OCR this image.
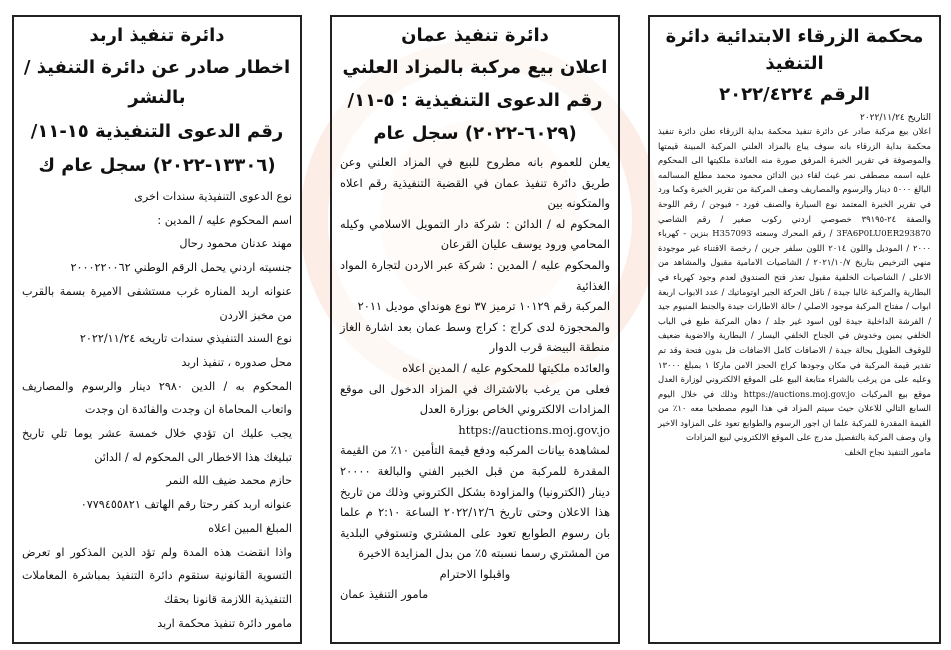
دائرة تنفيذ اربد

اخطار صادر عن دائرة التنفيذ / بالنشر

رقم الدعوى التنفيذية ١٥-١١/

(١٣٣٠٦-٢٠٢٢) سجل عام ك

نوع الدعوى التنفيذية سندات اخرى

اسم المحكوم عليه / المدين :

مهند عدنان محمود رحال

جنسيته اردني يحمل الرقم الوطني ٢٠٠٠٢٢٠٠٦٢

عنوانه اربد المناره غرب مستشفى الاميرة بسمة بالقرب من مخبز الاردن

نوع السند التنفيذي سندات تاريخه ٢٠٢٢/١١/٢٤

محل صدوره ، تنفيذ اربد

المحكوم به / الدين ٢٩٨٠ دينار والرسوم والمصاريف واتعاب المحاماة ان وجدت والفائدة ان وجدت

يجب عليك ان تؤدي خلال خمسة عشر يوما تلي تاريخ تبليغك هذا الاخطار الى المحكوم له / الدائن

حازم محمد ضيف الله النمر

عنوانه اربد كفر رحتا رقم الهاتف ٠٧٧٩٤٥٥٨٢١

المبلغ المبين اعلاه

واذا انقضت هذه المدة ولم تؤد الدين المذكور او تعرض التسوية القانونية ستقوم دائرة التنفيذ بمباشرة المعاملات التنفيذية اللازمة قانونا بحقك

مامور دائرة تنفيذ محكمة اربد

دائرة تنفيذ عمان

اعلان بيع مركبة بالمزاد العلني

رقم الدعوى التنفيذية : ٥-١١/

(٦٠٢٩-٢٠٢٢) سجل عام

يعلن للعموم بانه مطروح للبيع في المزاد العلني وعن طريق دائرة تنفيذ عمان في القضية التنفيذية رقم اعلاه والمتكونه بين

المحكوم له / الدائن : شركة دار التمويل الاسلامي وكيله المحامي ورود يوسف عليان القرعان

والمحكوم عليه / المدين : شركة عبر الاردن لتجارة المواد الغذائية

المركبة رقم ١٠١٢٩ ترميز ٣٧ نوع هونداي موديل ٢٠١١

والمحجوزة لدى كراج : كراج وسط عمان بعد اشارة الغاز منطقة البيضة قرب الدوار

والعائده ملكيتها للمحكوم عليه / المدين اعلاه

فعلى من يرغب بالاشتراك في المزاد الدخول الى موقع المزادات الالكتروني الخاص بوزارة العدل

https://auctions.moj.gov.jo

لمشاهدة بيانات المركبه ودفع قيمة التأمين ١٠٪ من القيمة المقدرة للمركبة من قبل الخبير الفني والبالغة ٢٠٠٠٠ دينار (الكترونيا) والمزاودة بشكل الكتروني وذلك من تاريخ هذا الاعلان وحتى تاريخ ٢٠٢٢/١٢/٦ الساعة ٢:١٠ م علما بان رسوم الطوابع تعود على المشتري وتستوفي البلدية من المشتري رسما نسبته ٥٪ من بدل المزايدة الاخيرة

واقبلوا الاحترام

مامور التنفيذ عمان

محكمة الزرقاء الابتدائية دائرة التنفيذ

الرقم ٢٠٢٢/٤٢٢٤

التاريخ ٢٠٢٢/١١/٢٤

اعلان بيع مركبة صادر عن دائرة تنفيذ محكمة بداية الزرقاء تعلن دائرة تنفيذ محكمة بداية الزرقاء بانه سوف يباع بالمزاد العلني المركبة المبينة قيمتها والموصوفة في تقرير الخبرة المرفق صورة منه العائدة ملكيتها الى المحكوم عليه اسمه مصطفى نمر غيث لقاء دين الدائن محمود محمد مطلع المسالمه البالغ ٥٠٠٠ دينار والرسوم والمصاريف وصف المركبة من تقرير الخبرة وكما ورد في تقرير الخبرة المعتمد نوع السيارة والصنف فورد - فيوجن / رقم اللوحة والصفة ٢٤-٣٩١٩٥ خصوصي اردني ركوب صغير / رقم الشاصي 3FA6P0LU0ER293870 / رقم المحرك وسعته H357093 بنزين - كهرباء ٢٠٠٠ / الموديل واللون ٢٠١٤ اللون سلفر جرين / رخصة الاقتناء غير موجودة منهي الترخيص بتاريخ ٢٠٢١/١٠/٧ / الشاصيات الامامية مقبول والمشاهد من الاعلى / الشاصيات الخلفية مقبول تعذر فتح الصندوق لعدم وجود كهرباء في البطارية والمركبة غالبا جيدة / ناقل الحركة الجير اوتوماتيك / عدد الابواب اربعة ابواب / مفتاح المركبة موجود الاصلي / حالة الاطارات جيدة والجنط المنيوم جيد / الفرشة الداخلية جيدة لون اسود غير جلد / دهان المركبة طبع في الباب الخلفي يمين وخدوش في الجناح الخلفي اليسار / البطارية والاضوية ضعيف للوقوف الطويل بحالة جيدة / الاضافات كامل الاضافات فل بدون فتحة وقد تم تقدير قيمة المركبة في مكان وجودها كراج الحجز الامن ماركا ١ بمبلغ ١٣٠٠٠ وعليه على من يرغب بالشراء متابعة البيع على الموقع الالكتروني لوزارة العدل موقع بيع المركبات https://auctions.moj.gov.jo وذلك في خلال اليوم السابع التالي للاعلان حيث سيتم المزاد في هذا اليوم مصطحبا معه ١٠٪ من القيمة المقدرة للمركبة علما ان اجور الرسوم والطوابع تعود على المزاود الاخير وان وصف المركبة بالتفصيل مدرج على الموقع الالكتروني لبيع المزادات

مامور التنفيذ نجاح الخلف
